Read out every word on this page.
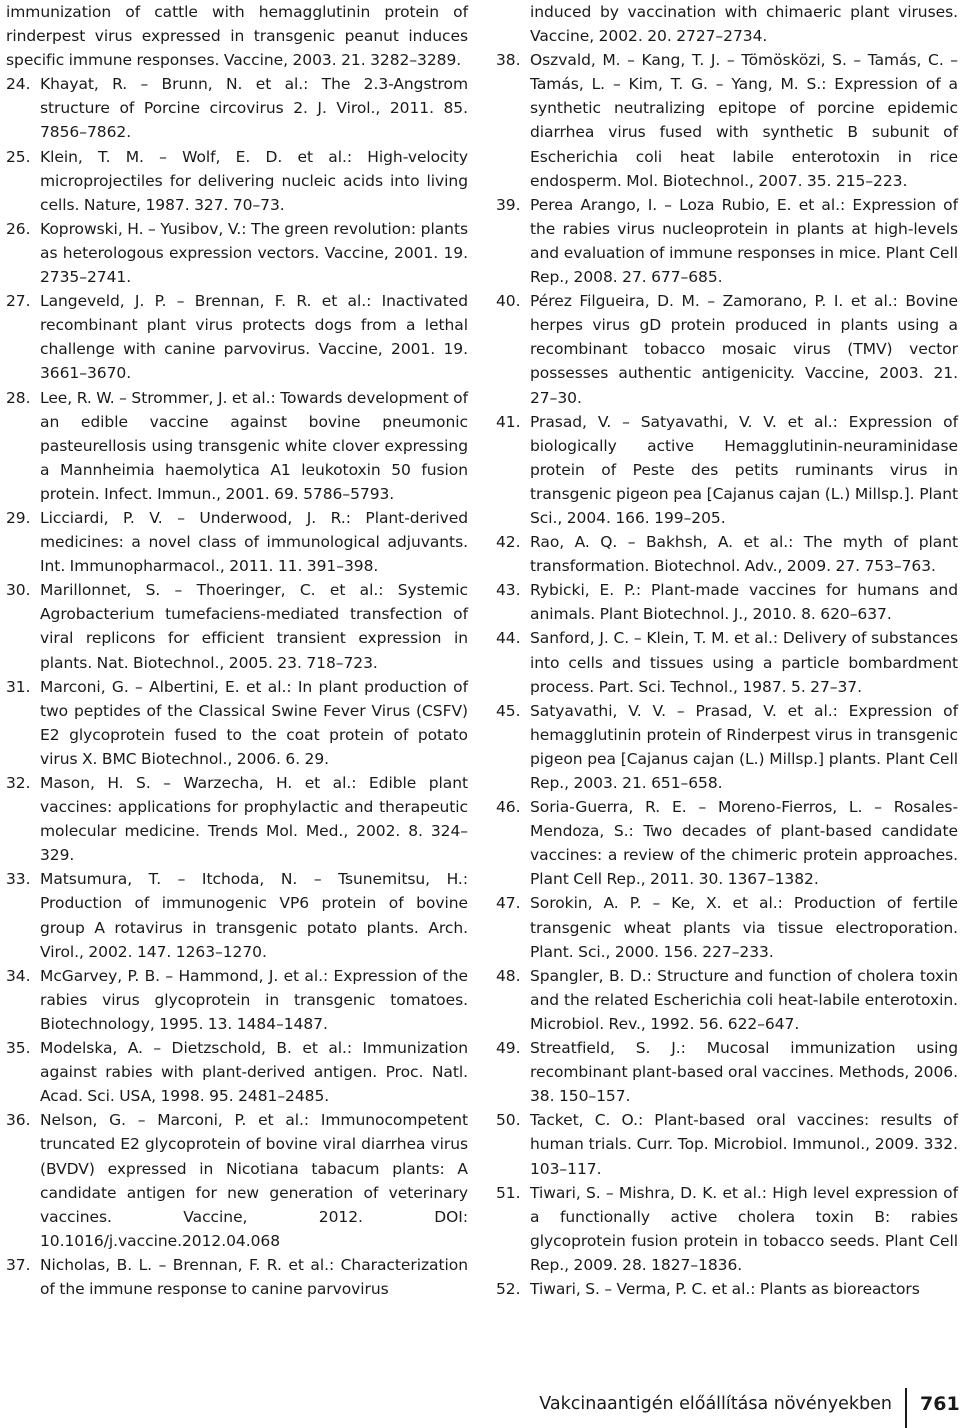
immunization of cattle with hemagglutinin protein of rinderpest virus expressed in transgenic peanut induces specific immune responses. Vaccine, 2003. 21. 3282–3289.
24. Khayat, R. – Brunn, N. et al.: The 2.3-Angstrom structure of Porcine circovirus 2. J. Virol., 2011. 85. 7856–7862.
25. Klein, T. M. – Wolf, E. D. et al.: High-velocity microprojectiles for delivering nucleic acids into living cells. Nature, 1987. 327. 70–73.
26. Koprowski, H. – Yusibov, V.: The green revolution: plants as heterologous expression vectors. Vaccine, 2001. 19. 2735–2741.
27. Langeveld, J. P. – Brennan, F. R. et al.: Inactivated recombinant plant virus protects dogs from a lethal challenge with canine parvovirus. Vaccine, 2001. 19. 3661–3670.
28. Lee, R. W. – Strommer, J. et al.: Towards development of an edible vaccine against bovine pneumonic pasteurellosis using transgenic white clover expressing a Mannheimia haemolytica A1 leukotoxin 50 fusion protein. Infect. Immun., 2001. 69. 5786–5793.
29. Licciardi, P. V. – Underwood, J. R.: Plant-derived medicines: a novel class of immunological adjuvants. Int. Immunopharmacol., 2011. 11. 391–398.
30. Marillonnet, S. – Thoeringer, C. et al.: Systemic Agrobacterium tumefaciens-mediated transfection of viral replicons for efficient transient expression in plants. Nat. Biotechnol., 2005. 23. 718–723.
31. Marconi, G. – Albertini, E. et al.: In plant production of two peptides of the Classical Swine Fever Virus (CSFV) E2 glycoprotein fused to the coat protein of potato virus X. BMC Biotechnol., 2006. 6. 29.
32. Mason, H. S. – Warzecha, H. et al.: Edible plant vaccines: applications for prophylactic and therapeutic molecular medicine. Trends Mol. Med., 2002. 8. 324–329.
33. Matsumura, T. – Itchoda, N. – Tsunemitsu, H.: Production of immunogenic VP6 protein of bovine group A rotavirus in transgenic potato plants. Arch. Virol., 2002. 147. 1263–1270.
34. McGarvey, P. B. – Hammond, J. et al.: Expression of the rabies virus glycoprotein in transgenic tomatoes. Biotechnology, 1995. 13. 1484–1487.
35. Modelska, A. – Dietzschold, B. et al.: Immunization against rabies with plant-derived antigen. Proc. Natl. Acad. Sci. USA, 1998. 95. 2481–2485.
36. Nelson, G. – Marconi, P. et al.: Immunocompetent truncated E2 glycoprotein of bovine viral diarrhea virus (BVDV) expressed in Nicotiana tabacum plants: A candidate antigen for new generation of veterinary vaccines. Vaccine, 2012. DOI: 10.1016/j.vaccine.2012.04.068
37. Nicholas, B. L. – Brennan, F. R. et al.: Characterization of the immune response to canine parvovirus
induced by vaccination with chimaeric plant viruses. Vaccine, 2002. 20. 2727–2734.
38. Oszvald, M. – Kang, T. J. – Tömösközi, S. – Tamás, C. – Tamás, L. – Kim, T. G. – Yang, M. S.: Expression of a synthetic neutralizing epitope of porcine epidemic diarrhea virus fused with synthetic B subunit of Escherichia coli heat labile enterotoxin in rice endosperm. Mol. Biotechnol., 2007. 35. 215–223.
39. Perea Arango, I. – Loza Rubio, E. et al.: Expression of the rabies virus nucleoprotein in plants at high-levels and evaluation of immune responses in mice. Plant Cell Rep., 2008. 27. 677–685.
40. Pérez Filgueira, D. M. – Zamorano, P. I. et al.: Bovine herpes virus gD protein produced in plants using a recombinant tobacco mosaic virus (TMV) vector possesses authentic antigenicity. Vaccine, 2003. 21. 27–30.
41. Prasad, V. – Satyavathi, V. V. et al.: Expression of biologically active Hemagglutinin-neuraminidase protein of Peste des petits ruminants virus in transgenic pigeon pea [Cajanus cajan (L.) Millsp.]. Plant Sci., 2004. 166. 199–205.
42. Rao, A. Q. – Bakhsh, A. et al.: The myth of plant transformation. Biotechnol. Adv., 2009. 27. 753–763.
43. Rybicki, E. P.: Plant-made vaccines for humans and animals. Plant Biotechnol. J., 2010. 8. 620–637.
44. Sanford, J. C. – Klein, T. M. et al.: Delivery of substances into cells and tissues using a particle bombardment process. Part. Sci. Technol., 1987. 5. 27–37.
45. Satyavathi, V. V. – Prasad, V. et al.: Expression of hemagglutinin protein of Rinderpest virus in transgenic pigeon pea [Cajanus cajan (L.) Millsp.] plants. Plant Cell Rep., 2003. 21. 651–658.
46. Soria-Guerra, R. E. – Moreno-Fierros, L. – Rosales-Mendoza, S.: Two decades of plant-based candidate vaccines: a review of the chimeric protein approaches. Plant Cell Rep., 2011. 30. 1367–1382.
47. Sorokin, A. P. – Ke, X. et al.: Production of fertile transgenic wheat plants via tissue electroporation. Plant. Sci., 2000. 156. 227–233.
48. Spangler, B. D.: Structure and function of cholera toxin and the related Escherichia coli heat-labile enterotoxin. Microbiol. Rev., 1992. 56. 622–647.
49. Streatfield, S. J.: Mucosal immunization using recombinant plant-based oral vaccines. Methods, 2006. 38. 150–157.
50. Tacket, C. O.: Plant-based oral vaccines: results of human trials. Curr. Top. Microbiol. Immunol., 2009. 332. 103–117.
51. Tiwari, S. – Mishra, D. K. et al.: High level expression of a functionally active cholera toxin B: rabies glycoprotein fusion protein in tobacco seeds. Plant Cell Rep., 2009. 28. 1827–1836.
52. Tiwari, S. – Verma, P. C. et al.: Plants as bioreactors
Vakcinaantigén előállítása növényekben 761
